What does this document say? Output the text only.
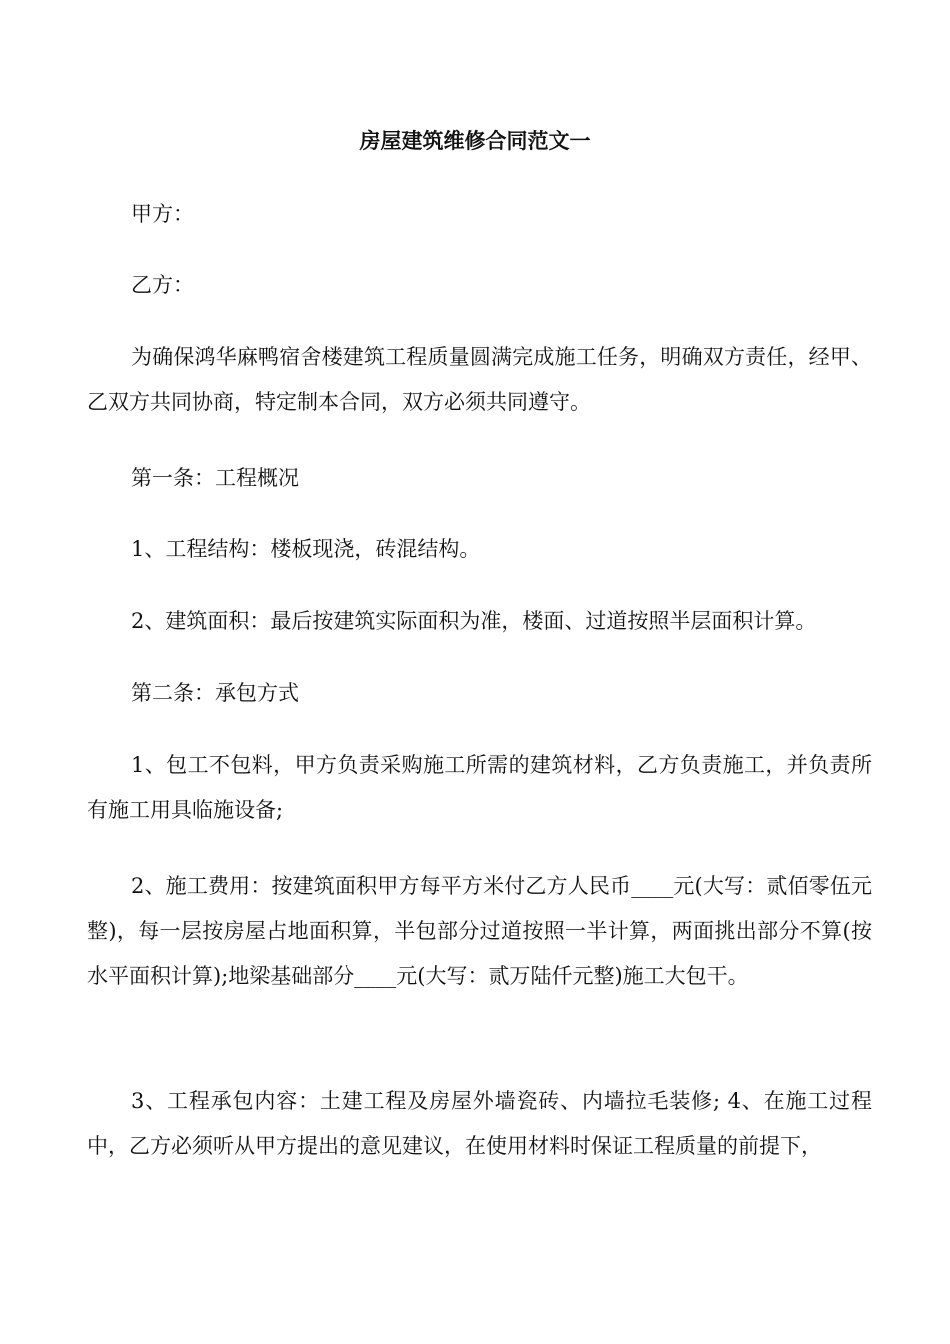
房屋建筑维修合同范文一

甲方：

乙方：

为确保鸿华麻鸭宿舍楼建筑工程质量圆满完成施工任务，明确双方责任，经甲、乙双方共同协商，特定制本合同，双方必须共同遵守。

第一条：工程概况

1、工程结构：楼板现浇，砖混结构。

2、建筑面积：最后按建筑实际面积为准，楼面、过道按照半层面积计算。

第二条：承包方式

1、包工不包料，甲方负责采购施工所需的建筑材料，乙方负责施工，并负责所有施工用具临施设备;

2、施工费用：按建筑面积甲方每平方米付乙方人民币____元(大写：贰佰零伍元整)，每一层按房屋占地面积算，半包部分过道按照一半计算，两面挑出部分不算(按水平面积计算);地梁基础部分____元(大写：贰万陆仟元整)施工大包干。

3、工程承包内容：土建工程及房屋外墙瓷砖、内墙拉毛装修; 4、在施工过程中，乙方必须听从甲方提出的意见建议，在使用材料时保证工程质量的前提下，
